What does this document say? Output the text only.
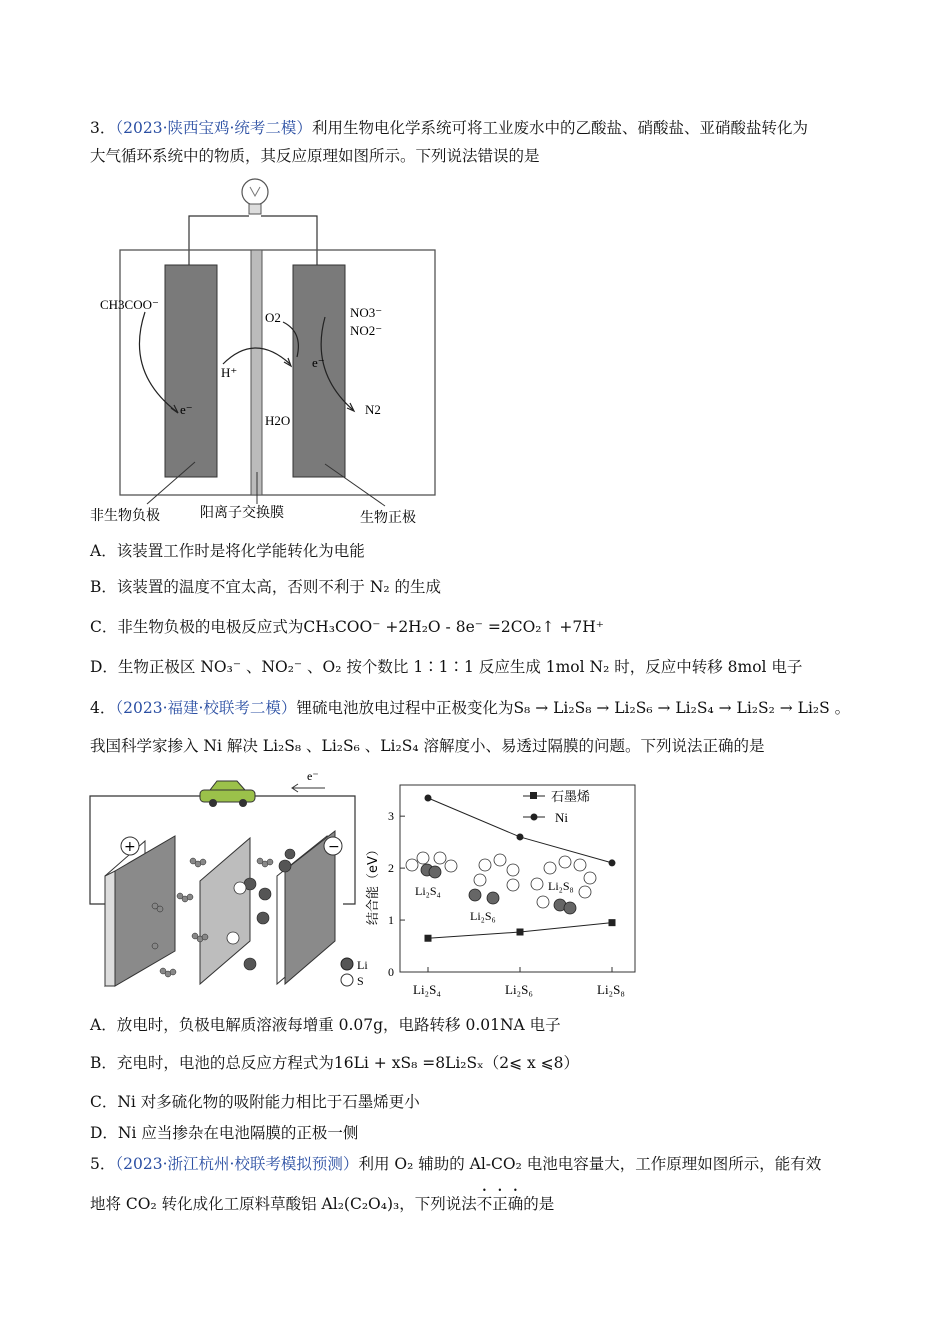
3．（2023·陕西宝鸡·统考二模）利用生物电化学系统可将工业废水中的乙酸盐、硝酸盐、亚硝酸盐转化为
大气循环系统中的物质，其反应原理如图所示。下列说法错误的是
CH3COO⁻
e⁻
H⁺
O2
e⁻
NO3⁻
NO2⁻
N2
H2O
非生物负极	阳离子交换膜	生物正极
A．该装置工作时是将化学能转化为电能
B．该装置的温度不宜太高，否则不利于 N₂ 的生成
C．非生物负极的电极反应式为CH₃COO⁻ +2H₂O - 8e⁻ =2CO₂↑ +7H⁺
D．生物正极区 NO₃⁻ 、NO₂⁻ 、O₂ 按个数比 1∶1∶1 反应生成 1mol N₂ 时，反应中转移 8mol 电子
4．（2023·福建·校联考二模）锂硫电池放电过程中正极变化为S₈ → Li₂S₈ → Li₂S₆ → Li₂S₄ → Li₂S₂ → Li₂S 。
我国科学家掺入 Ni 解决 Li₂S₈ 、Li₂S₆ 、Li₂S₄ 溶解度小、易透过隔膜的问题。下列说法正确的是
e⁻
+	−
Li
S
结合能（eV）
0
1
2
3
Li₂S₄	Li₂S₆	Li₂S₈
石墨烯
Ni
Li₂S₄
Li₂S₆
Li₂S₈
A．放电时，负极电解质溶液每增重 0.07g，电路转移 0.01NA 电子
B．充电时，电池的总反应方程式为16Li + xS₈ =8Li₂Sₓ（2⩽ x ⩽8）
C．Ni 对多硫化物的吸附能力相比于石墨烯更小
D．Ni 应当掺杂在电池隔膜的正极一侧
5．（2023·浙江杭州·校联考模拟预测）利用 O₂ 辅助的 Al-CO₂ 电池电容量大，工作原理如图所示，能有效
地将 CO₂ 转化成化工原料草酸铝 Al₂(C₂O₄)₃，下列说法不正确的是
